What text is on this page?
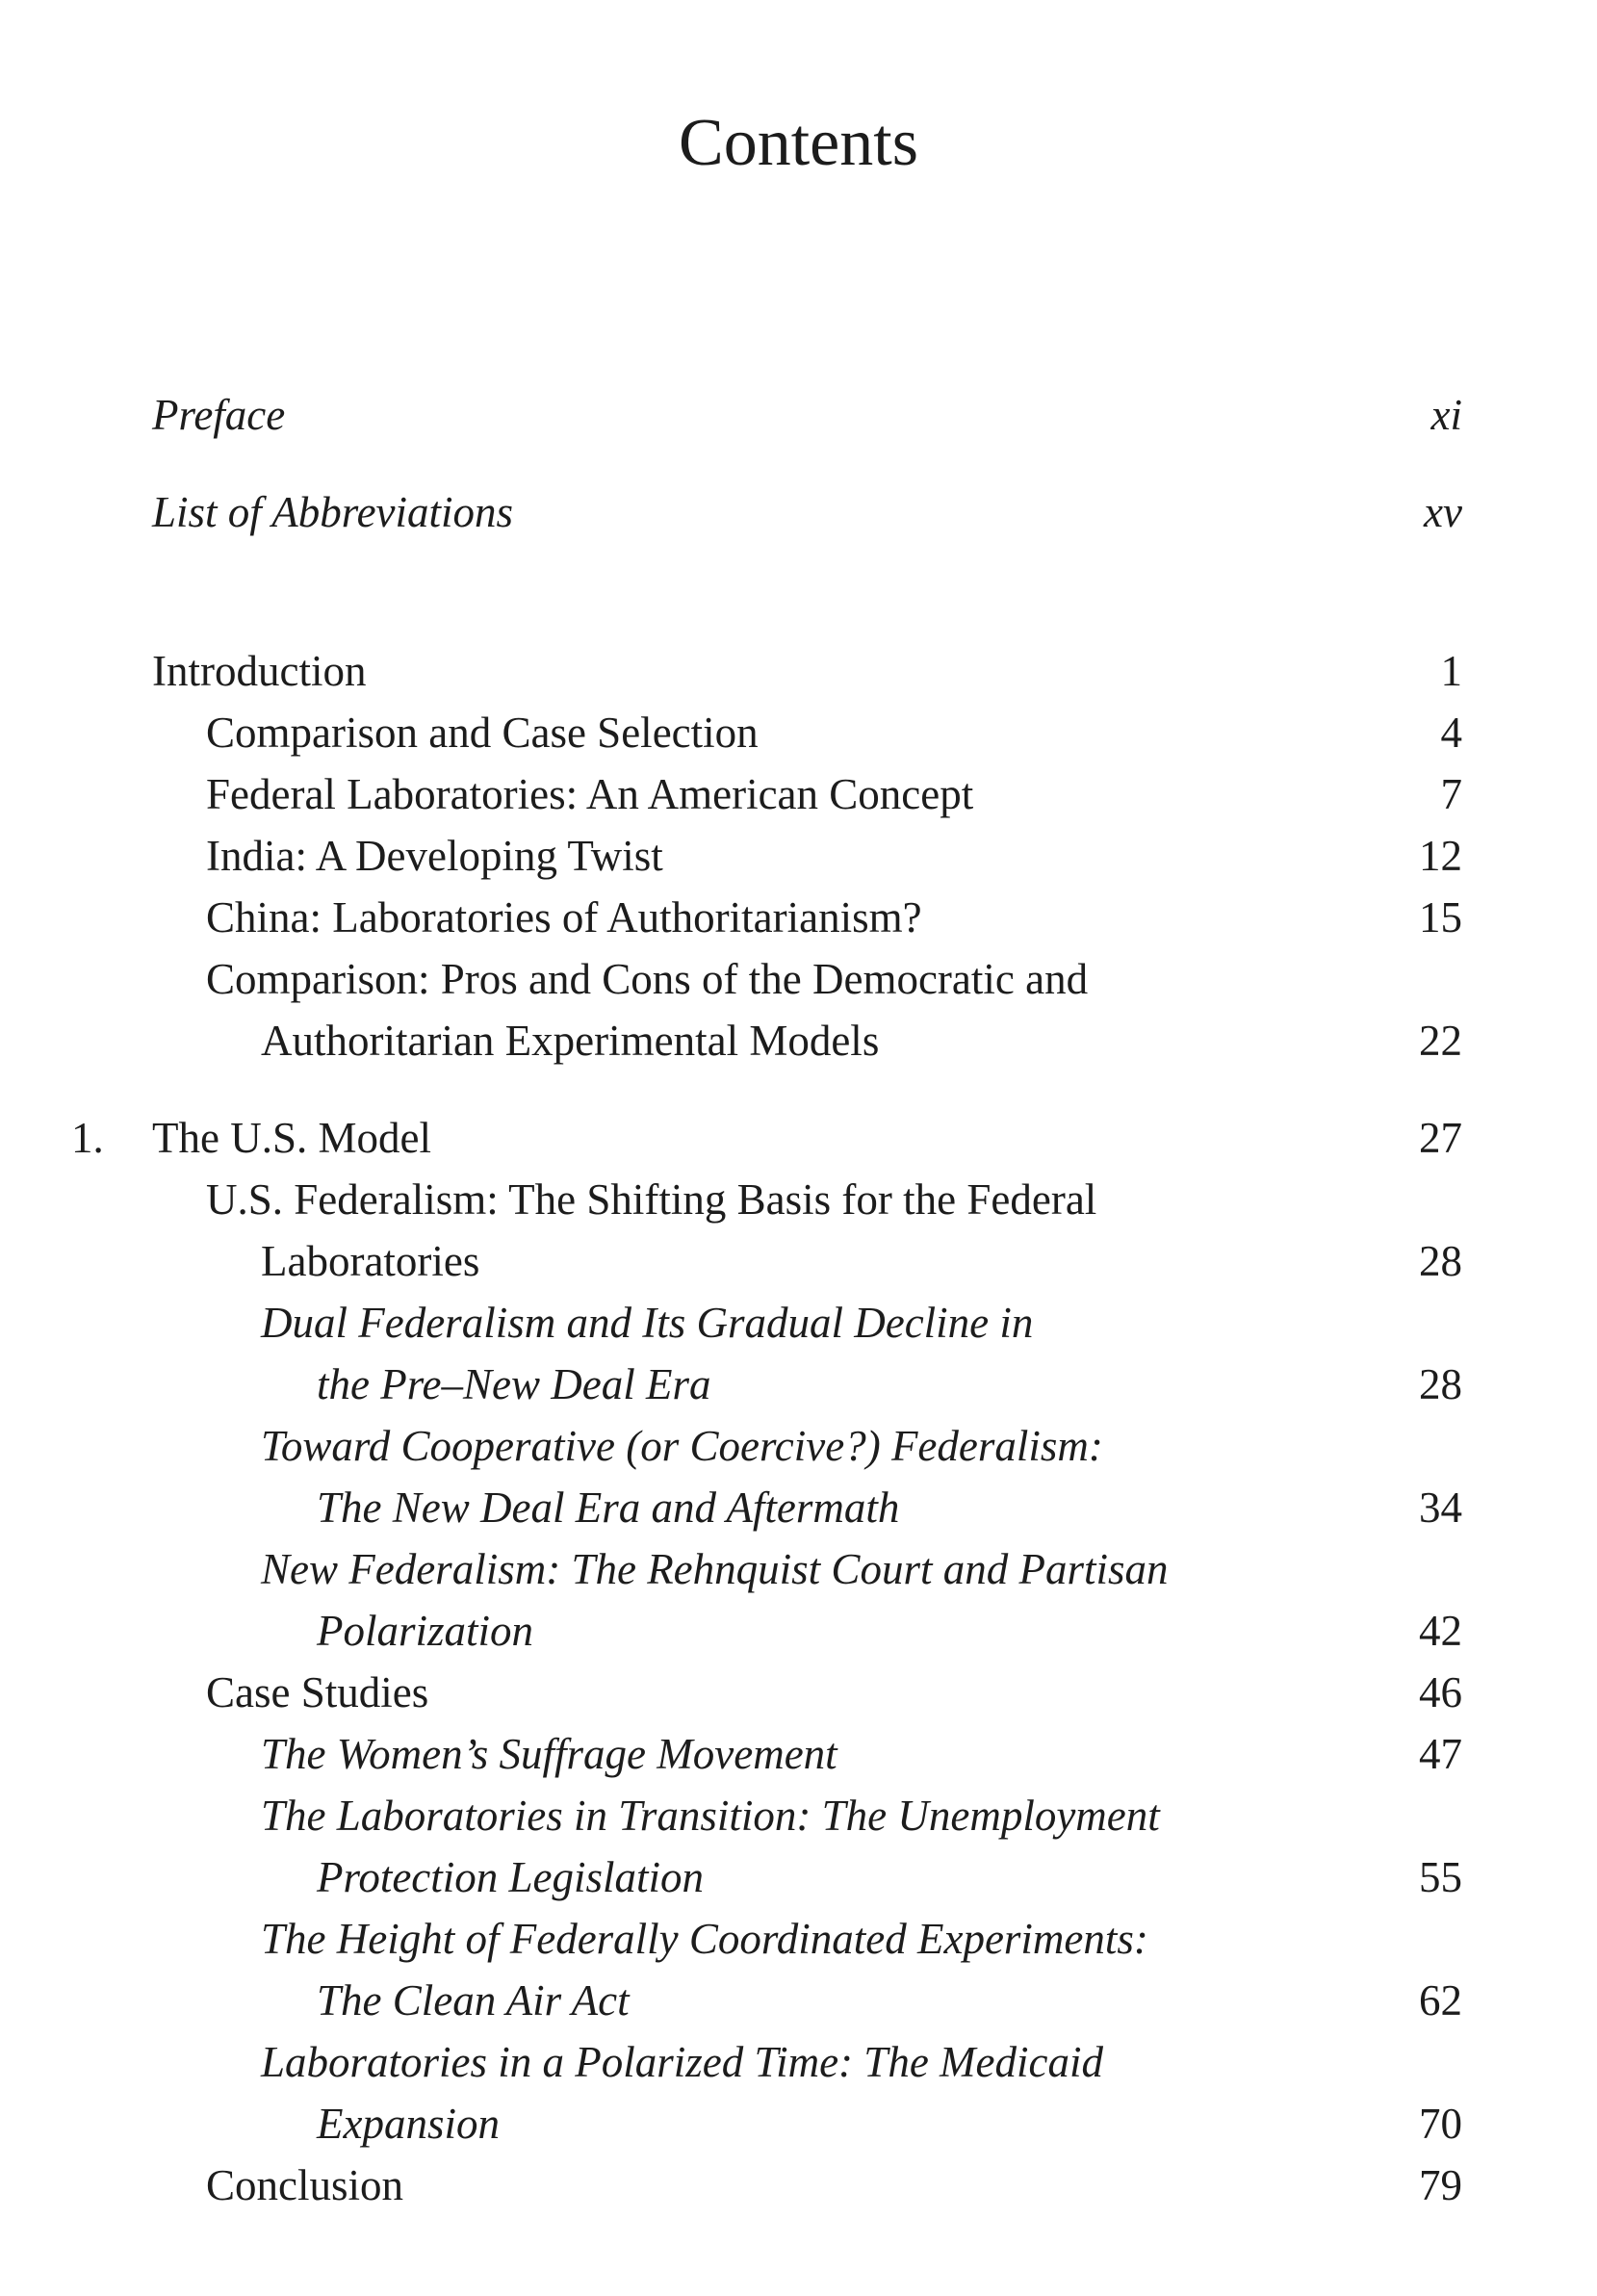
Contents
Preface	xi
List of Abbreviations	xv
Introduction	1
Comparison and Case Selection	4
Federal Laboratories: An American Concept	7
India: A Developing Twist	12
China: Laboratories of Authoritarianism?	15
Comparison: Pros and Cons of the Democratic and
Authoritarian Experimental Models	22
1. The U.S. Model	27
U.S. Federalism: The Shifting Basis for the Federal
Laboratories	28
Dual Federalism and Its Gradual Decline in
the Pre–New Deal Era	28
Toward Cooperative (or Coercive?) Federalism:
The New Deal Era and Aftermath	34
New Federalism: The Rehnquist Court and Partisan
Polarization	42
Case Studies	46
The Women’s Suffrage Movement	47
The Laboratories in Transition: The Unemployment
Protection Legislation	55
The Height of Federally Coordinated Experiments:
The Clean Air Act	62
Laboratories in a Polarized Time: The Medicaid
Expansion	70
Conclusion	79
